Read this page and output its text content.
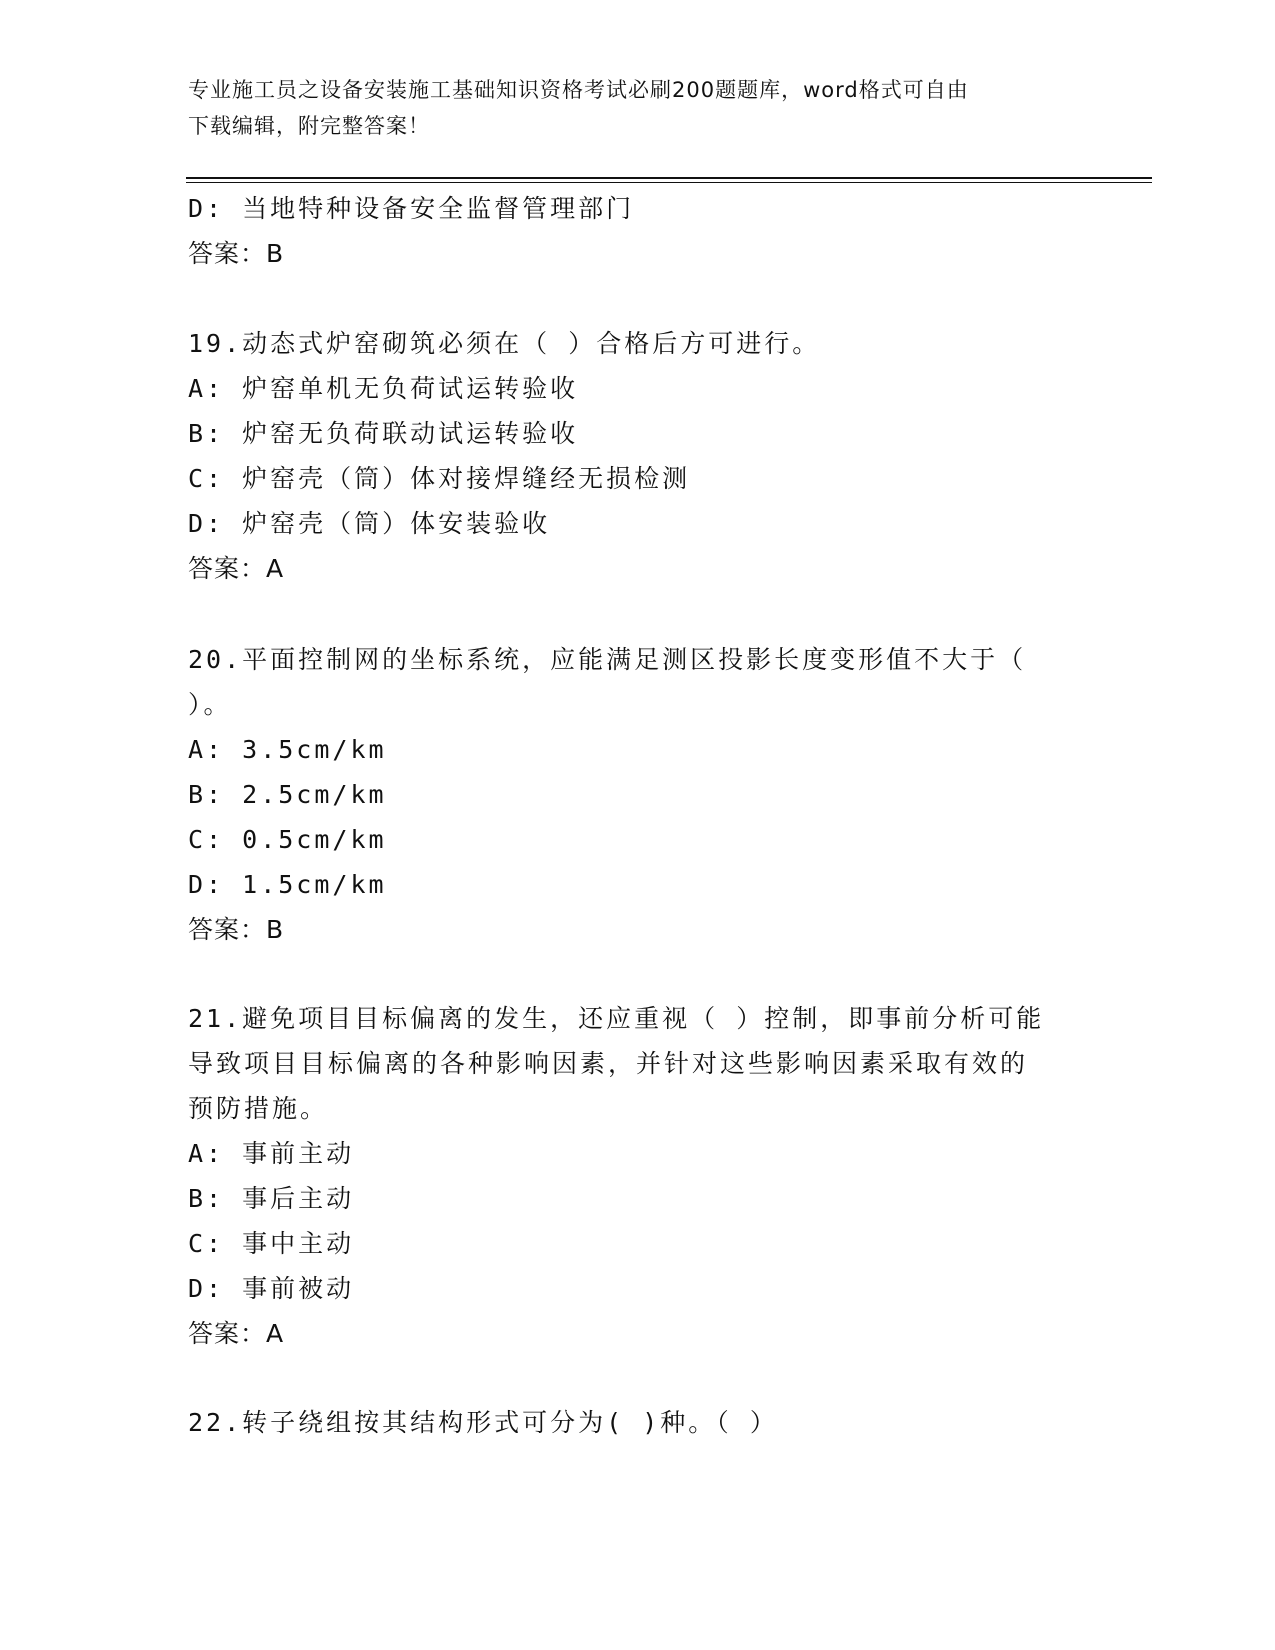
专业施工员之设备安装施工基础知识资格考试必刷200题题库，word格式可自由
下载编辑，附完整答案！
D: 当地特种设备安全监督管理部门
答案：B
19.动态式炉窑砌筑必须在（ ）合格后方可进行。
A: 炉窑单机无负荷试运转验收
B: 炉窑无负荷联动试运转验收
C: 炉窑壳（筒）体对接焊缝经无损检测
D: 炉窑壳（筒）体安装验收
答案：A
20.平面控制网的坐标系统，应能满足测区投影长度变形值不大于（
）。
A: 3.5cm/km
B: 2.5cm/km
C: 0.5cm/km
D: 1.5cm/km
答案：B
21.避免项目目标偏离的发生，还应重视（ ）控制，即事前分析可能
导致项目目标偏离的各种影响因素，并针对这些影响因素采取有效的
预防措施。
A: 事前主动
B: 事后主动
C: 事中主动
D: 事前被动
答案：A
22.转子绕组按其结构形式可分为( )种。（ ）
